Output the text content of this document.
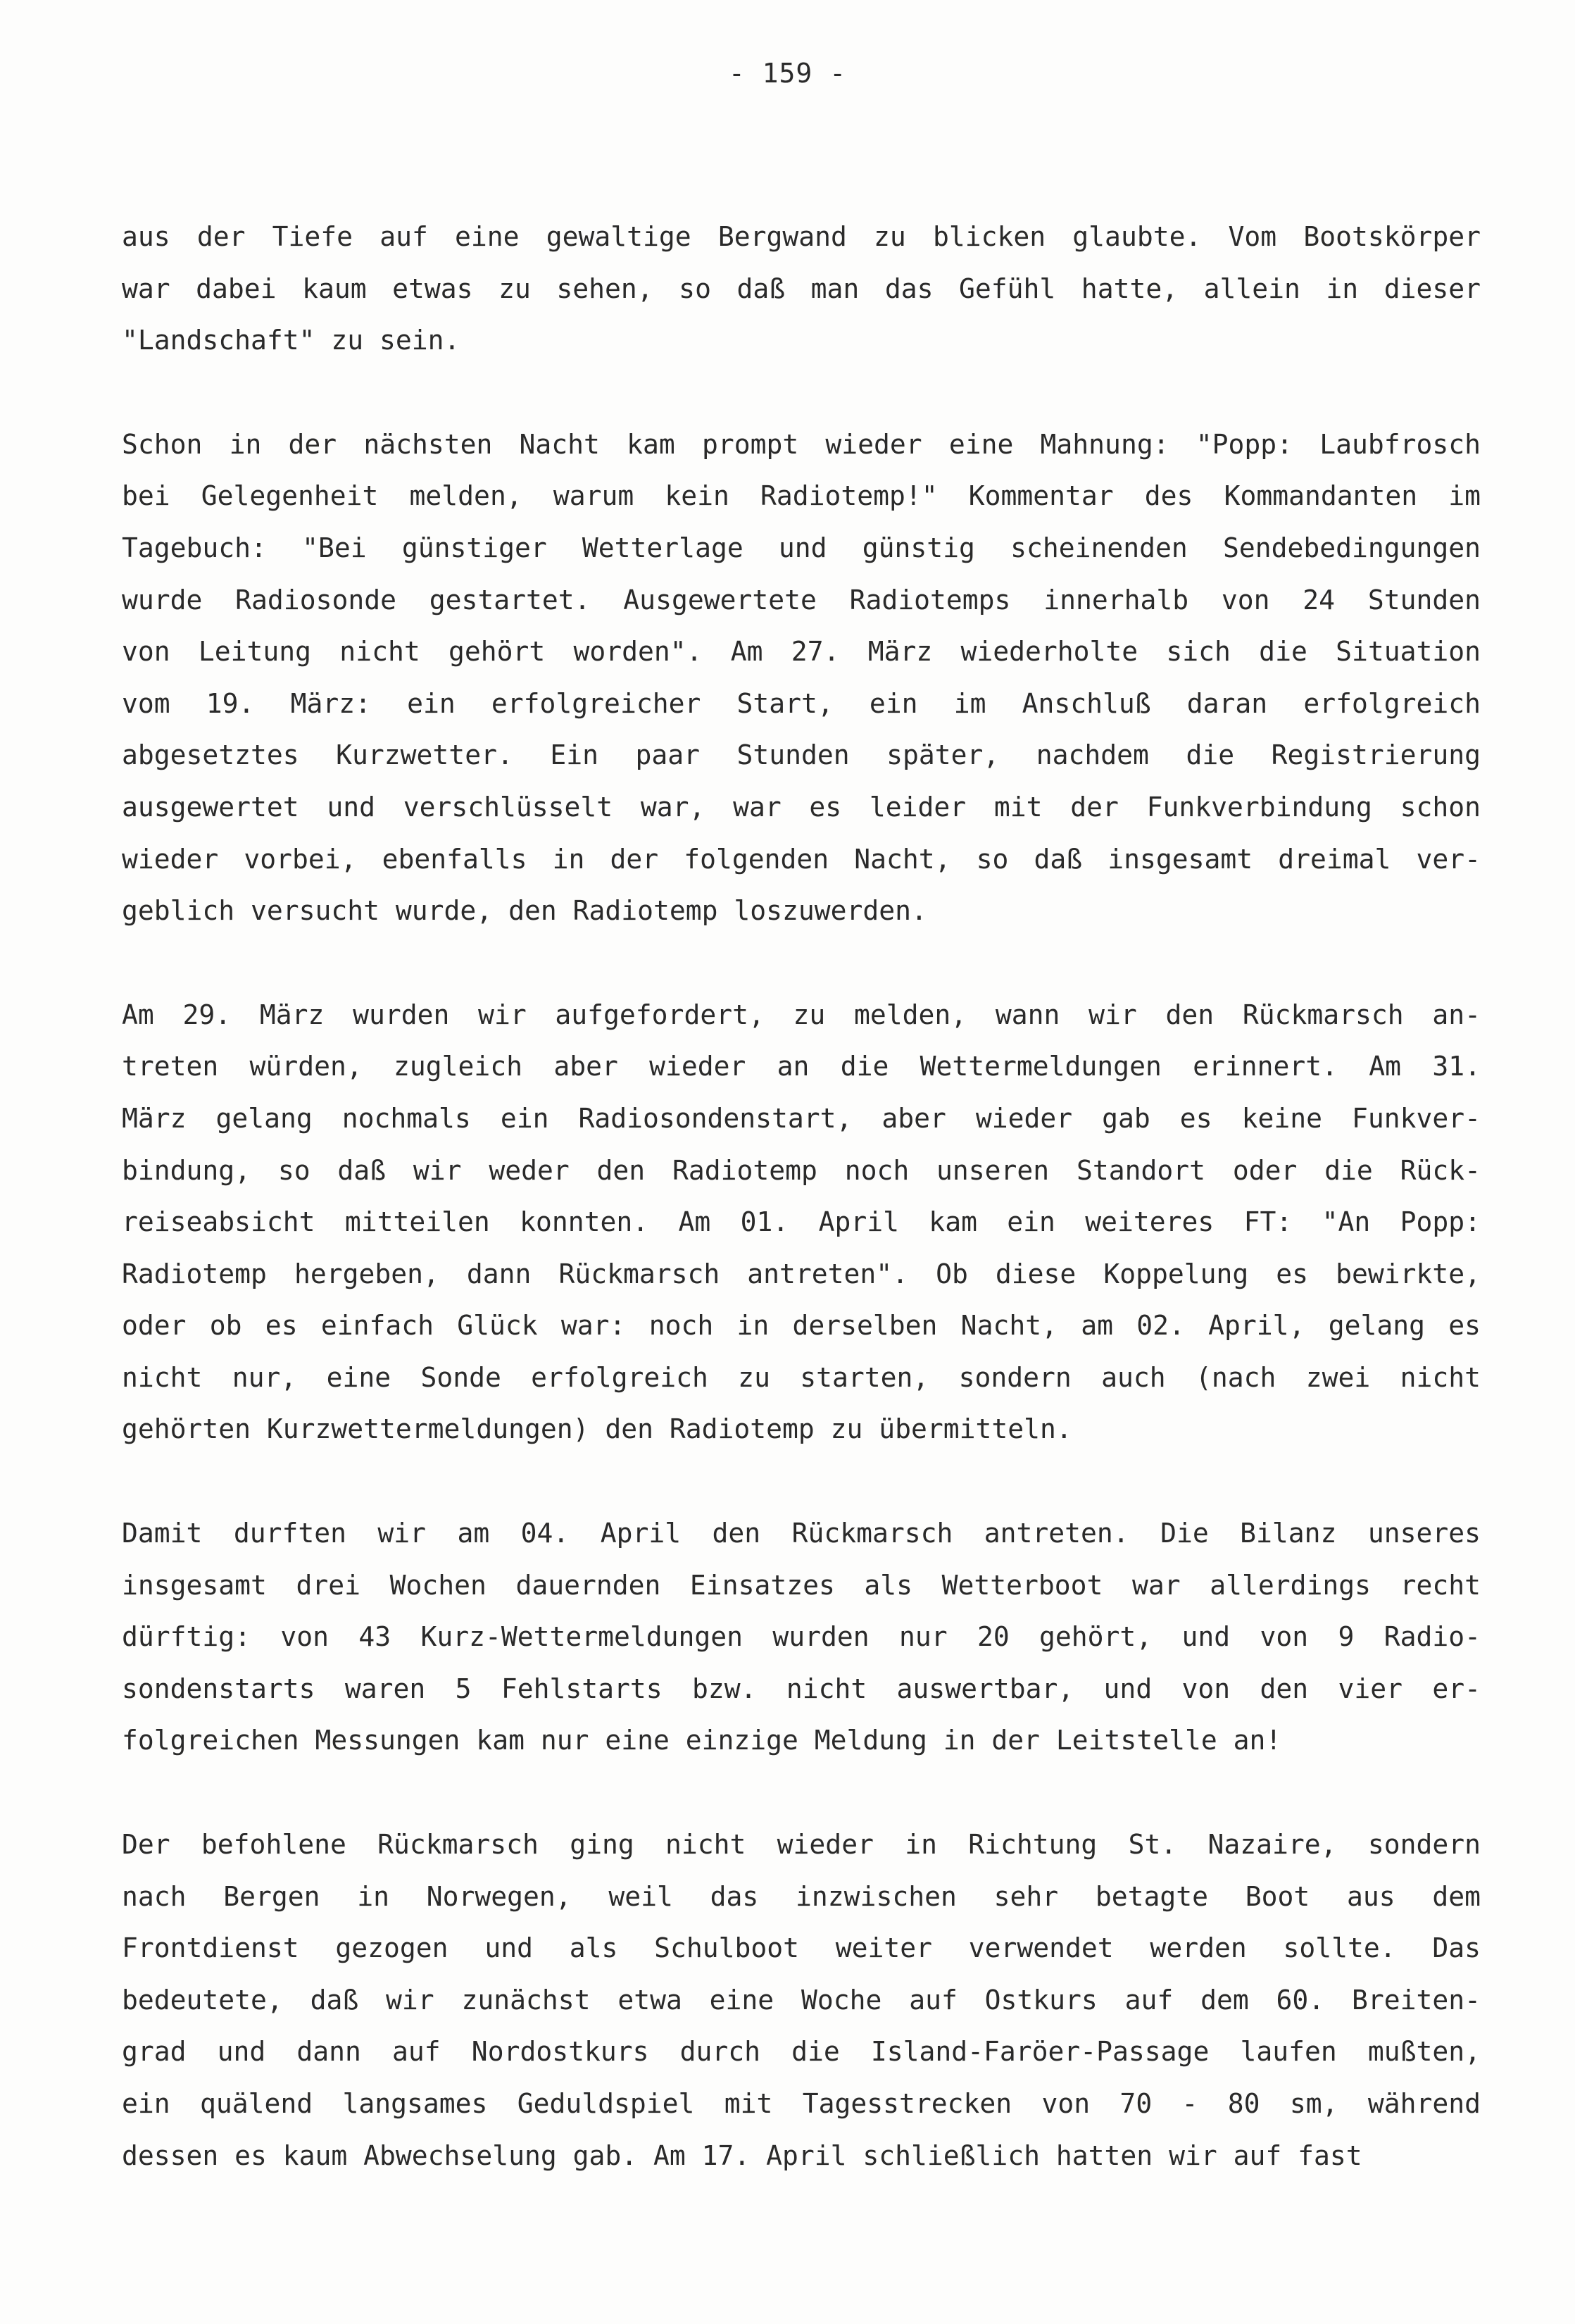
- 159 -
aus der Tiefe auf eine gewaltige Bergwand zu blicken glaubte. Vom Bootskörper
war dabei kaum etwas zu sehen, so daß man das Gefühl hatte, allein in dieser
"Landschaft" zu sein.
Schon in der nächsten Nacht kam prompt wieder eine Mahnung: "Popp: Laubfrosch
bei Gelegenheit melden, warum kein Radiotemp!" Kommentar des Kommandanten im
Tagebuch: "Bei günstiger Wetterlage und günstig scheinenden Sendebedingungen
wurde Radiosonde gestartet. Ausgewertete Radiotemps innerhalb von 24 Stunden
von Leitung nicht gehört worden". Am 27. März wiederholte sich die Situation
vom 19. März: ein erfolgreicher Start, ein im Anschluß daran erfolgreich
abgesetztes Kurzwetter. Ein paar Stunden später, nachdem die Registrierung
ausgewertet und verschlüsselt war, war es leider mit der Funkverbindung schon
wieder vorbei, ebenfalls in der folgenden Nacht, so daß insgesamt dreimal ver-
geblich versucht wurde, den Radiotemp loszuwerden.
Am 29. März wurden wir aufgefordert, zu melden, wann wir den Rückmarsch an-
treten würden, zugleich aber wieder an die Wettermeldungen erinnert. Am 31.
März gelang nochmals ein Radiosondenstart, aber wieder gab es keine Funkver-
bindung, so daß wir weder den Radiotemp noch unseren Standort oder die Rück-
reiseabsicht mitteilen konnten. Am 01. April kam ein weiteres FT: "An Popp:
Radiotemp hergeben, dann Rückmarsch antreten". Ob diese Koppelung es bewirkte,
oder ob es einfach Glück war: noch in derselben Nacht, am 02. April, gelang es
nicht nur, eine Sonde erfolgreich zu starten, sondern auch (nach zwei nicht
gehörten Kurzwettermeldungen) den Radiotemp zu übermitteln.
Damit durften wir am 04. April den Rückmarsch antreten. Die Bilanz unseres
insgesamt drei Wochen dauernden Einsatzes als Wetterboot war allerdings recht
dürftig: von 43 Kurz-Wettermeldungen wurden nur 20 gehört, und von 9 Radio-
sondenstarts waren 5 Fehlstarts bzw. nicht auswertbar, und von den vier er-
folgreichen Messungen kam nur eine einzige Meldung in der Leitstelle an!
Der befohlene Rückmarsch ging nicht wieder in Richtung St. Nazaire, sondern
nach Bergen in Norwegen, weil das inzwischen sehr betagte Boot aus dem
Frontdienst gezogen und als Schulboot weiter verwendet werden sollte. Das
bedeutete, daß wir zunächst etwa eine Woche auf Ostkurs auf dem 60. Breiten-
grad und dann auf Nordostkurs durch die Island-Faröer-Passage laufen mußten,
ein quälend langsames Geduldspiel mit Tagesstrecken von 70 - 80 sm, während
dessen es kaum Abwechselung gab. Am 17. April schließlich hatten wir auf fast
